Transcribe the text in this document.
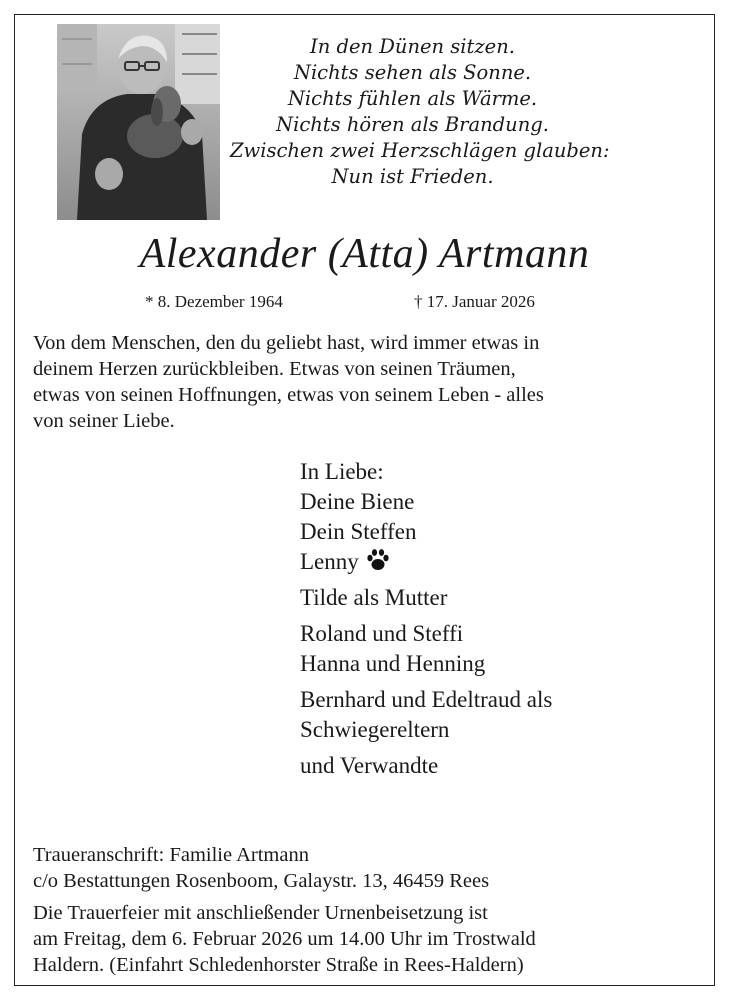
In den Dünen sitzen.
Nichts sehen als Sonne.
Nichts fühlen als Wärme.
Nichts hören als Brandung.
Zwischen zwei Herzschlägen glauben:
Nun ist Frieden.
Alexander (Atta) Artmann
* 8. Dezember 1964	† 17. Januar 2026
Von dem Menschen, den du geliebt hast, wird immer etwas in
deinem Herzen zurückbleiben. Etwas von seinen Träumen,
etwas von seinen Hoffnungen, etwas von seinem Leben - alles
von seiner Liebe.
In Liebe:
Deine Biene
Dein Steffen
Lenny
Tilde als Mutter
Roland und Steffi
Hanna und Henning
Bernhard und Edeltraud als
Schwiegereltern
und Verwandte
Traueranschrift: Familie Artmann
c/o Bestattungen Rosenboom, Galaystr. 13, 46459 Rees
Die Trauerfeier mit anschließender Urnenbeisetzung ist
am Freitag, dem 6. Februar 2026 um 14.00 Uhr im Trostwald
Haldern. (Einfahrt Schledenhorster Straße in Rees-Haldern)
